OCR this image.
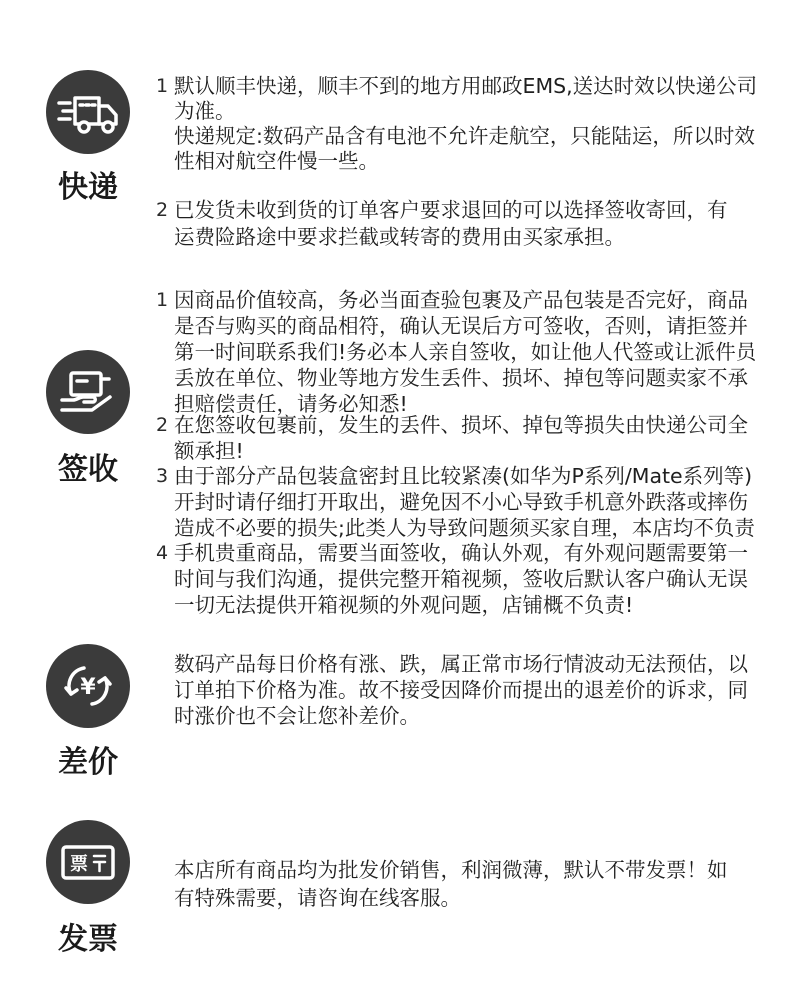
快递
1 默认顺丰快递，顺丰不到的地方用邮政EMS,送达时效以快递公司
为准。
快递规定:数码产品含有电池不允许走航空，只能陆运，所以时效
性相对航空件慢一些。
2 已发货未收到货的订单客户要求退回的可以选择签收寄回，有
运费险路途中要求拦截或转寄的费用由买家承担。
签收
1 因商品价值较高，务必当面查验包裹及产品包装是否完好，商品
是否与购买的商品相符，确认无误后方可签收，否则，请拒签并
第一时间联系我们!务必本人亲自签收，如让他人代签或让派件员
丢放在单位、物业等地方发生丢件、损坏、掉包等问题卖家不承
担赔偿责任，请务必知悉!
2 在您签收包裹前，发生的丢件、损坏、掉包等损失由快递公司全
额承担!
3 由于部分产品包装盒密封且比较紧凑(如华为P系列/Mate系列等)
开封时请仔细打开取出，避免因不小心导致手机意外跌落或摔伤
造成不必要的损失;此类人为导致问题须买家自理，本店均不负责
4 手机贵重商品，需要当面签收，确认外观，有外观问题需要第一
时间与我们沟通，提供完整开箱视频，签收后默认客户确认无误
一切无法提供开箱视频的外观问题，店铺概不负责!
¥
差价
数码产品每日价格有涨、跌，属正常市场行情波动无法预估，以
订单拍下价格为准。故不接受因降价而提出的退差价的诉求，同
时涨价也不会让您补差价。
票
发票
本店所有商品均为批发价销售，利润微薄，默认不带发票！如
有特殊需要，请咨询在线客服。
